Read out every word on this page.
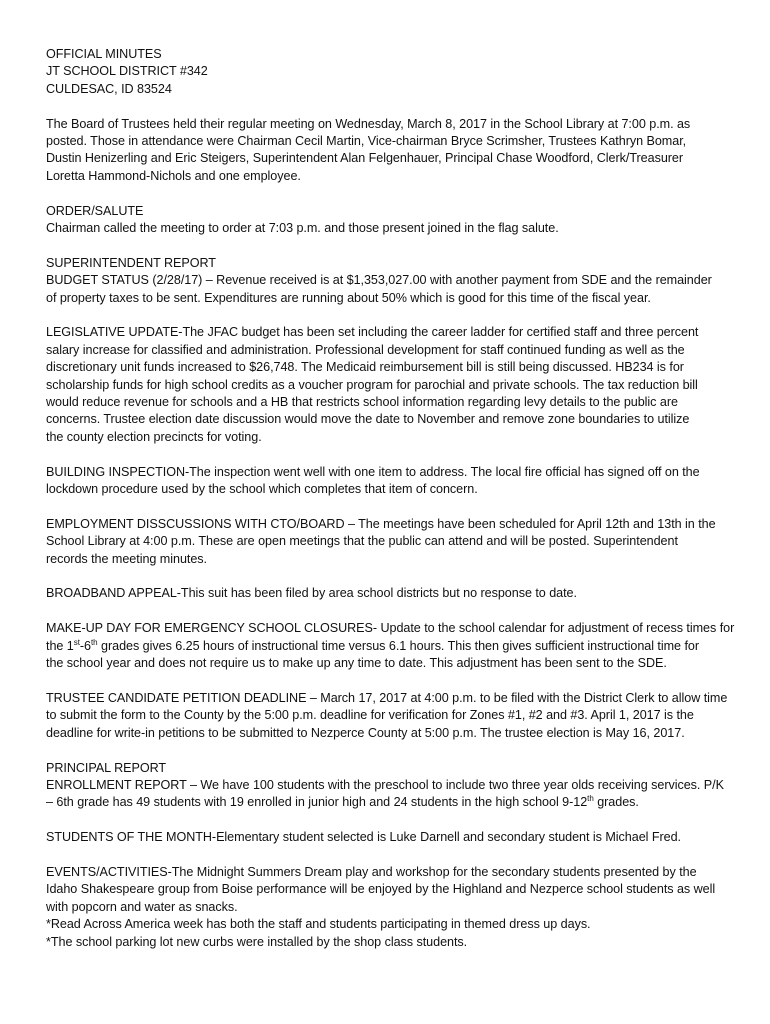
OFFICIAL MINUTES
JT SCHOOL DISTRICT #342
CULDESAC, ID 83524
The Board of Trustees held their regular meeting on Wednesday, March 8, 2017 in the School Library at 7:00 p.m. as
posted. Those in attendance were Chairman Cecil Martin, Vice-chairman Bryce Scrimsher, Trustees Kathryn Bomar,
Dustin Henizerling and Eric Steigers, Superintendent Alan Felgenhauer, Principal Chase Woodford, Clerk/Treasurer
Loretta Hammond-Nichols and one employee.
ORDER/SALUTE
Chairman called the meeting to order at 7:03 p.m. and those present joined in the flag salute.
SUPERINTENDENT REPORT
BUDGET STATUS (2/28/17) – Revenue received is at $1,353,027.00 with another payment from SDE and the remainder
of property taxes to be sent. Expenditures are running about 50% which is good for this time of the fiscal year.
LEGISLATIVE UPDATE-The JFAC budget has been set including the career ladder for certified staff and three percent
salary increase for classified and administration. Professional development for staff continued funding as well as the
discretionary unit funds increased to $26,748. The Medicaid reimbursement bill is still being discussed. HB234 is for
scholarship funds for high school credits as a voucher program for parochial and private schools. The tax reduction bill
would reduce revenue for schools and a HB that restricts school information regarding levy details to the public are
concerns. Trustee election date discussion would move the date to November and remove zone boundaries to utilize
the county election precincts for voting.
BUILDING INSPECTION-The inspection went well with one item to address. The local fire official has signed off on the
lockdown procedure used by the school which completes that item of concern.
EMPLOYMENT DISSCUSSIONS WITH CTO/BOARD – The meetings have been scheduled for April 12th and 13th in the
School Library at 4:00 p.m. These are open meetings that the public can attend and will be posted. Superintendent
records the meeting minutes.
BROADBAND APPEAL-This suit has been filed by area school districts but no response to date.
MAKE-UP DAY FOR EMERGENCY SCHOOL CLOSURES- Update to the school calendar for adjustment of recess times for
the 1st-6th grades gives 6.25 hours of instructional time versus 6.1 hours. This then gives sufficient instructional time for
the school year and does not require us to make up any time to date. This adjustment has been sent to the SDE.
TRUSTEE CANDIDATE PETITION DEADLINE – March 17, 2017 at 4:00 p.m. to be filed with the District Clerk to allow time
to submit the form to the County by the 5:00 p.m. deadline for verification for Zones #1, #2 and #3. April 1, 2017 is the
deadline for write-in petitions to be submitted to Nezperce County at 5:00 p.m. The trustee election is May 16, 2017.
PRINCIPAL REPORT
ENROLLMENT REPORT – We have 100 students with the preschool to include two three year olds receiving services. P/K
– 6th grade has 49 students with 19 enrolled in junior high and 24 students in the high school 9-12th grades.
STUDENTS OF THE MONTH-Elementary student selected is Luke Darnell and secondary student is Michael Fred.
EVENTS/ACTIVITIES-The Midnight Summers Dream play and workshop for the secondary students presented by the
Idaho Shakespeare group from Boise performance will be enjoyed by the Highland and Nezperce school students as well
with popcorn and water as snacks.
*Read Across America week has both the staff and students participating in themed dress up days.
*The school parking lot new curbs were installed by the shop class students.
